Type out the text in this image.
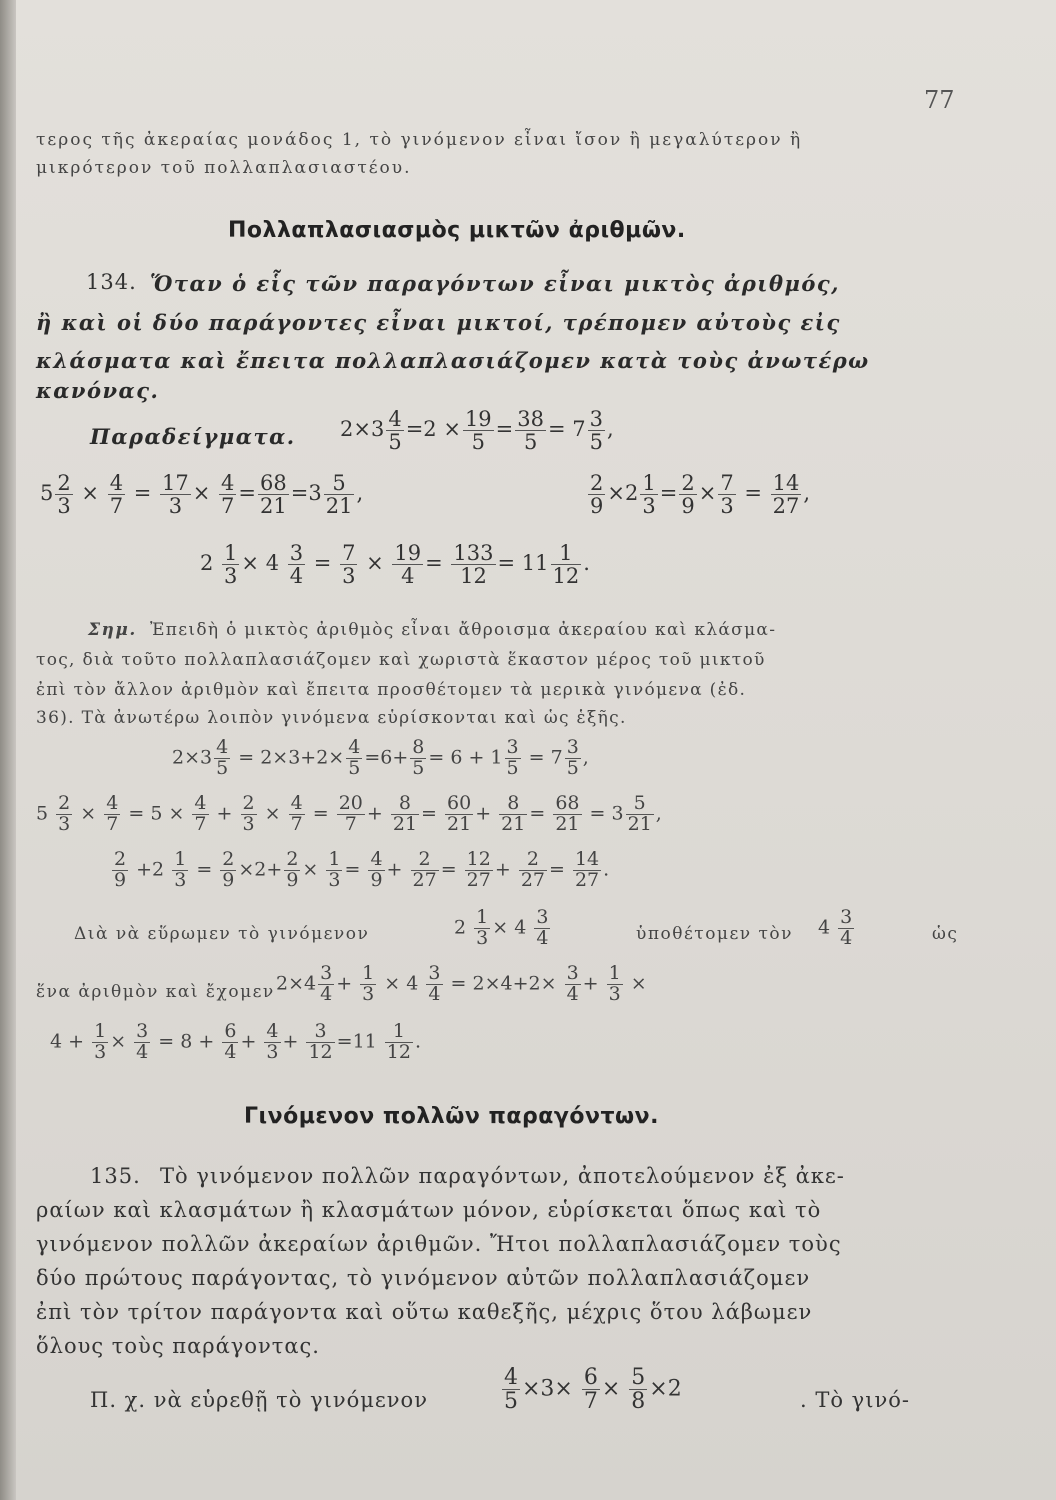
77
τερος τῆς ἀκεραίας μονάδος 1, τὸ γινόμενον εἶναι ἴσον ἢ μεγαλύτερον ἢ
μικρότερον τοῦ πολλαπλασιαστέου.
Πολλαπλασιασμὸς μικτῶν ἀριθμῶν.
134. Ὅταν ὁ εἷς τῶν παραγόντων εἶναι μικτὸς ἀριθμός,
ἢ καὶ οἱ δύο παράγοντες εἶναι μικτοί, τρέπομεν αὐτοὺς εἰς
κλάσματα καὶ ἔπειτα πολλαπλασιάζομεν κατὰ τοὺς ἀνωτέρω
κανόνας.
Παραδείγματα. $2\times 3 \frac{4}{5} =2 \times \frac{19}{5} = \frac{38}{5} = 7 \frac{3}{5}$ ,
$5 \frac{2}{3} \times \frac{4}{7} = \frac{17}{3} \times \frac{4}{7} = \frac{68}{21} =3 \frac{5}{21}$ ,	$\frac{2}{9} \times 2 \frac{1}{3} = \frac{2}{9} \times \frac{7}{3} = \frac{14}{27}$ ,
$2 \frac{1}{3} \times 4 \frac{3}{4} = \frac{7}{3} \times \frac{19}{4} = \frac{133}{12} = 11 \frac{1}{12}$ .
Σημ. Ἐπειδὴ ὁ μικτὸς ἀριθμὸς εἶναι ἄθροισμα ἀκεραίου καὶ κλάσμα-
τος, διὰ τοῦτο πολλαπλασιάζομεν καὶ χωριστὰ ἕκαστον μέρος τοῦ μικτοῦ
ἐπὶ τὸν ἄλλον ἀριθμὸν καὶ ἔπειτα προσθέτομεν τὰ μερικὰ γινόμενα (ἐδ.
36). Τὰ ἀνωτέρω λοιπὸν γινόμενα εὑρίσκονται καὶ ὡς ἑξῆς.
$2\times 3 \frac{4}{5} = 2\times 3+2\times \frac{4}{5} =6+ \frac{8}{5} = 6 + 1 \frac{3}{5} = 7 \frac{3}{5}$ ,
$5 \frac{2}{3} \times \frac{4}{7} = 5 \times \frac{4}{7} + \frac{2}{3} \times \frac{4}{7} = \frac{20}{7} + \frac{8}{21} = \frac{60}{21} + \frac{8}{21} = \frac{68}{21} = 3 \frac{5}{21}$ ,
$\frac{2}{9} +2 \frac{1}{3} = \frac{2}{9} \times 2+ \frac{2}{9} \times \frac{1}{3} = \frac{4}{9} + \frac{2}{27} = \frac{12}{27} + \frac{2}{27} = \frac{14}{27}$ .
Διὰ νὰ εὕρωμεν τὸ γινόμενον	$2 \frac{1}{3} \times 4 \frac{3}{4}$	ὑποθέτομεν τὸν $4 \frac{3}{4}$	ὡς
ἕνα ἀριθμὸν καὶ ἔχομεν $2\times 4 \frac{3}{4} + \frac{1}{3} \times 4 \frac{3}{4} = 2\times 4+2\times \frac{3}{4} + \frac{1}{3}$ ×
$4 + \frac{1}{3} \times \frac{3}{4} = 8 + \frac{6}{4} + \frac{4}{3} + \frac{3}{12} =11 \frac{1}{12}$ .
Γινόμενον πολλῶν παραγόντων.
135. Τὸ γινόμενον πολλῶν παραγόντων, ἀποτελούμενον ἐξ ἀκε-
ραίων καὶ κλασμάτων ἢ κλασμάτων μόνον, εὑρίσκεται ὅπως καὶ τὸ
γινόμενον πολλῶν ἀκεραίων ἀριθμῶν. Ἤτοι πολλαπλασιάζομεν τοὺς
δύο πρώτους παράγοντας, τὸ γινόμενον αὐτῶν πολλαπλασιάζομεν
ἐπὶ τὸν τρίτον παράγοντα καὶ οὕτω καθεξῆς, μέχρις ὅτου λάβωμεν
ὅλους τοὺς παράγοντας.
Π. χ. νὰ εὑρεθῇ τὸ γινόμενον	$\frac{4}{5} \times 3\times \frac{6}{7} \times \frac{5}{8} \times 2$	. Τὸ γινό-
